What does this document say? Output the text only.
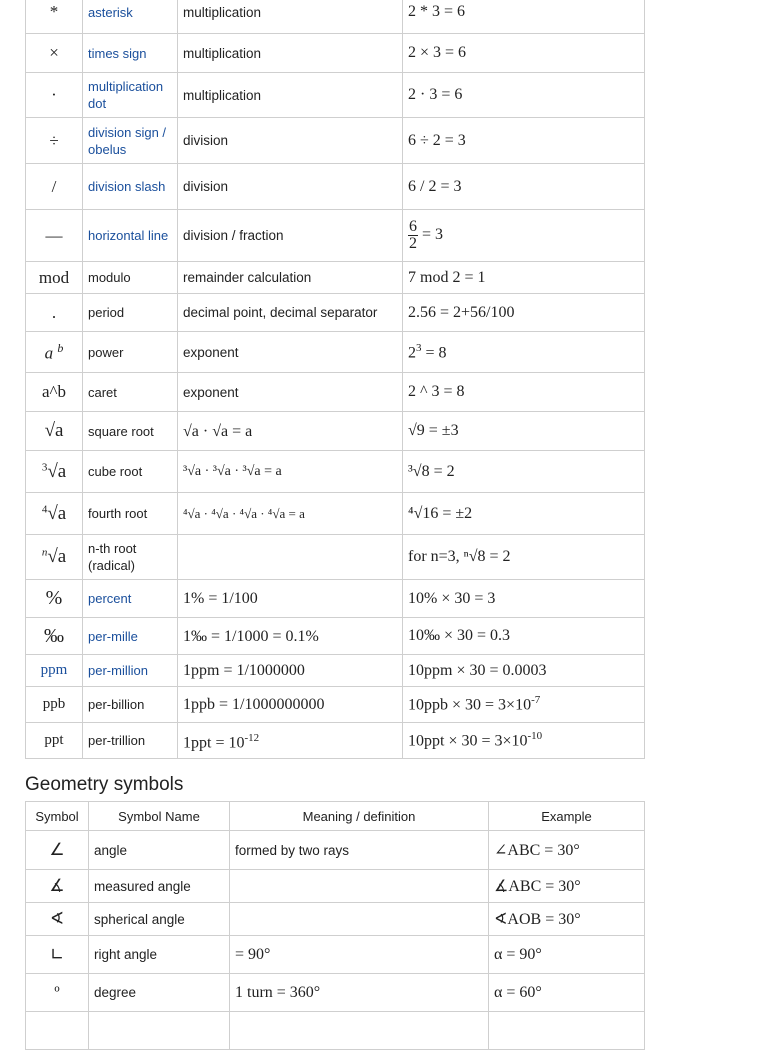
*	asterisk	multiplication	2 * 3 = 6
×	times sign	multiplication	2 × 3 = 6
·	multiplication dot	multiplication	2 · 3 = 6
÷	division sign / obelus	division	6 ÷ 2 = 3
/	division slash	division	6 / 2 = 3
—	horizontal line	division / fraction	$\frac{6}{2} = 3$
mod	modulo	remainder calculation	7 mod 2 = 1
.	period	decimal point, decimal separator	2.56 = 2+56/100
a $^b$	power	exponent	$2^3 = 8$
a^b	caret	exponent	2 ^ 3 = 8
√a	square root	√a · √a = a	√9 = ±3
$^3$√a	cube root	³√a · ³√a · ³√a = a	³√8 = 2
$^4$√a	fourth root	⁴√a · ⁴√a · ⁴√a · ⁴√a = a	⁴√16 = ±2
$^n$√a	n-th root (radical)		for n=3, ⁿ√8 = 2
%	percent	1% = 1/100	10% × 30 = 3
‰	per-mille	1‰ = 1/1000 = 0.1%	10‰ × 30 = 0.3
ppm	per-million	1ppm = 1/1000000	10ppm × 30 = 0.0003
ppb	per-billion	1ppb = 1/1000000000	$10ppb \times 30 = 3\times 10^{-7}$
ppt	per-trillion	$1ppt = 10^{-12}$	$10ppt \times 30 = 3\times 10^{-10}$
Geometry symbols
Symbol	Symbol Name	Meaning / definition	Example
∠	angle	formed by two rays	∠ABC = 30°
∡	measured angle		∡ABC = 30°
∢	spherical angle		∢AOB = 30°
∟	right angle	= 90°	α = 90°
º	degree	1 turn = 360°	α = 60°
